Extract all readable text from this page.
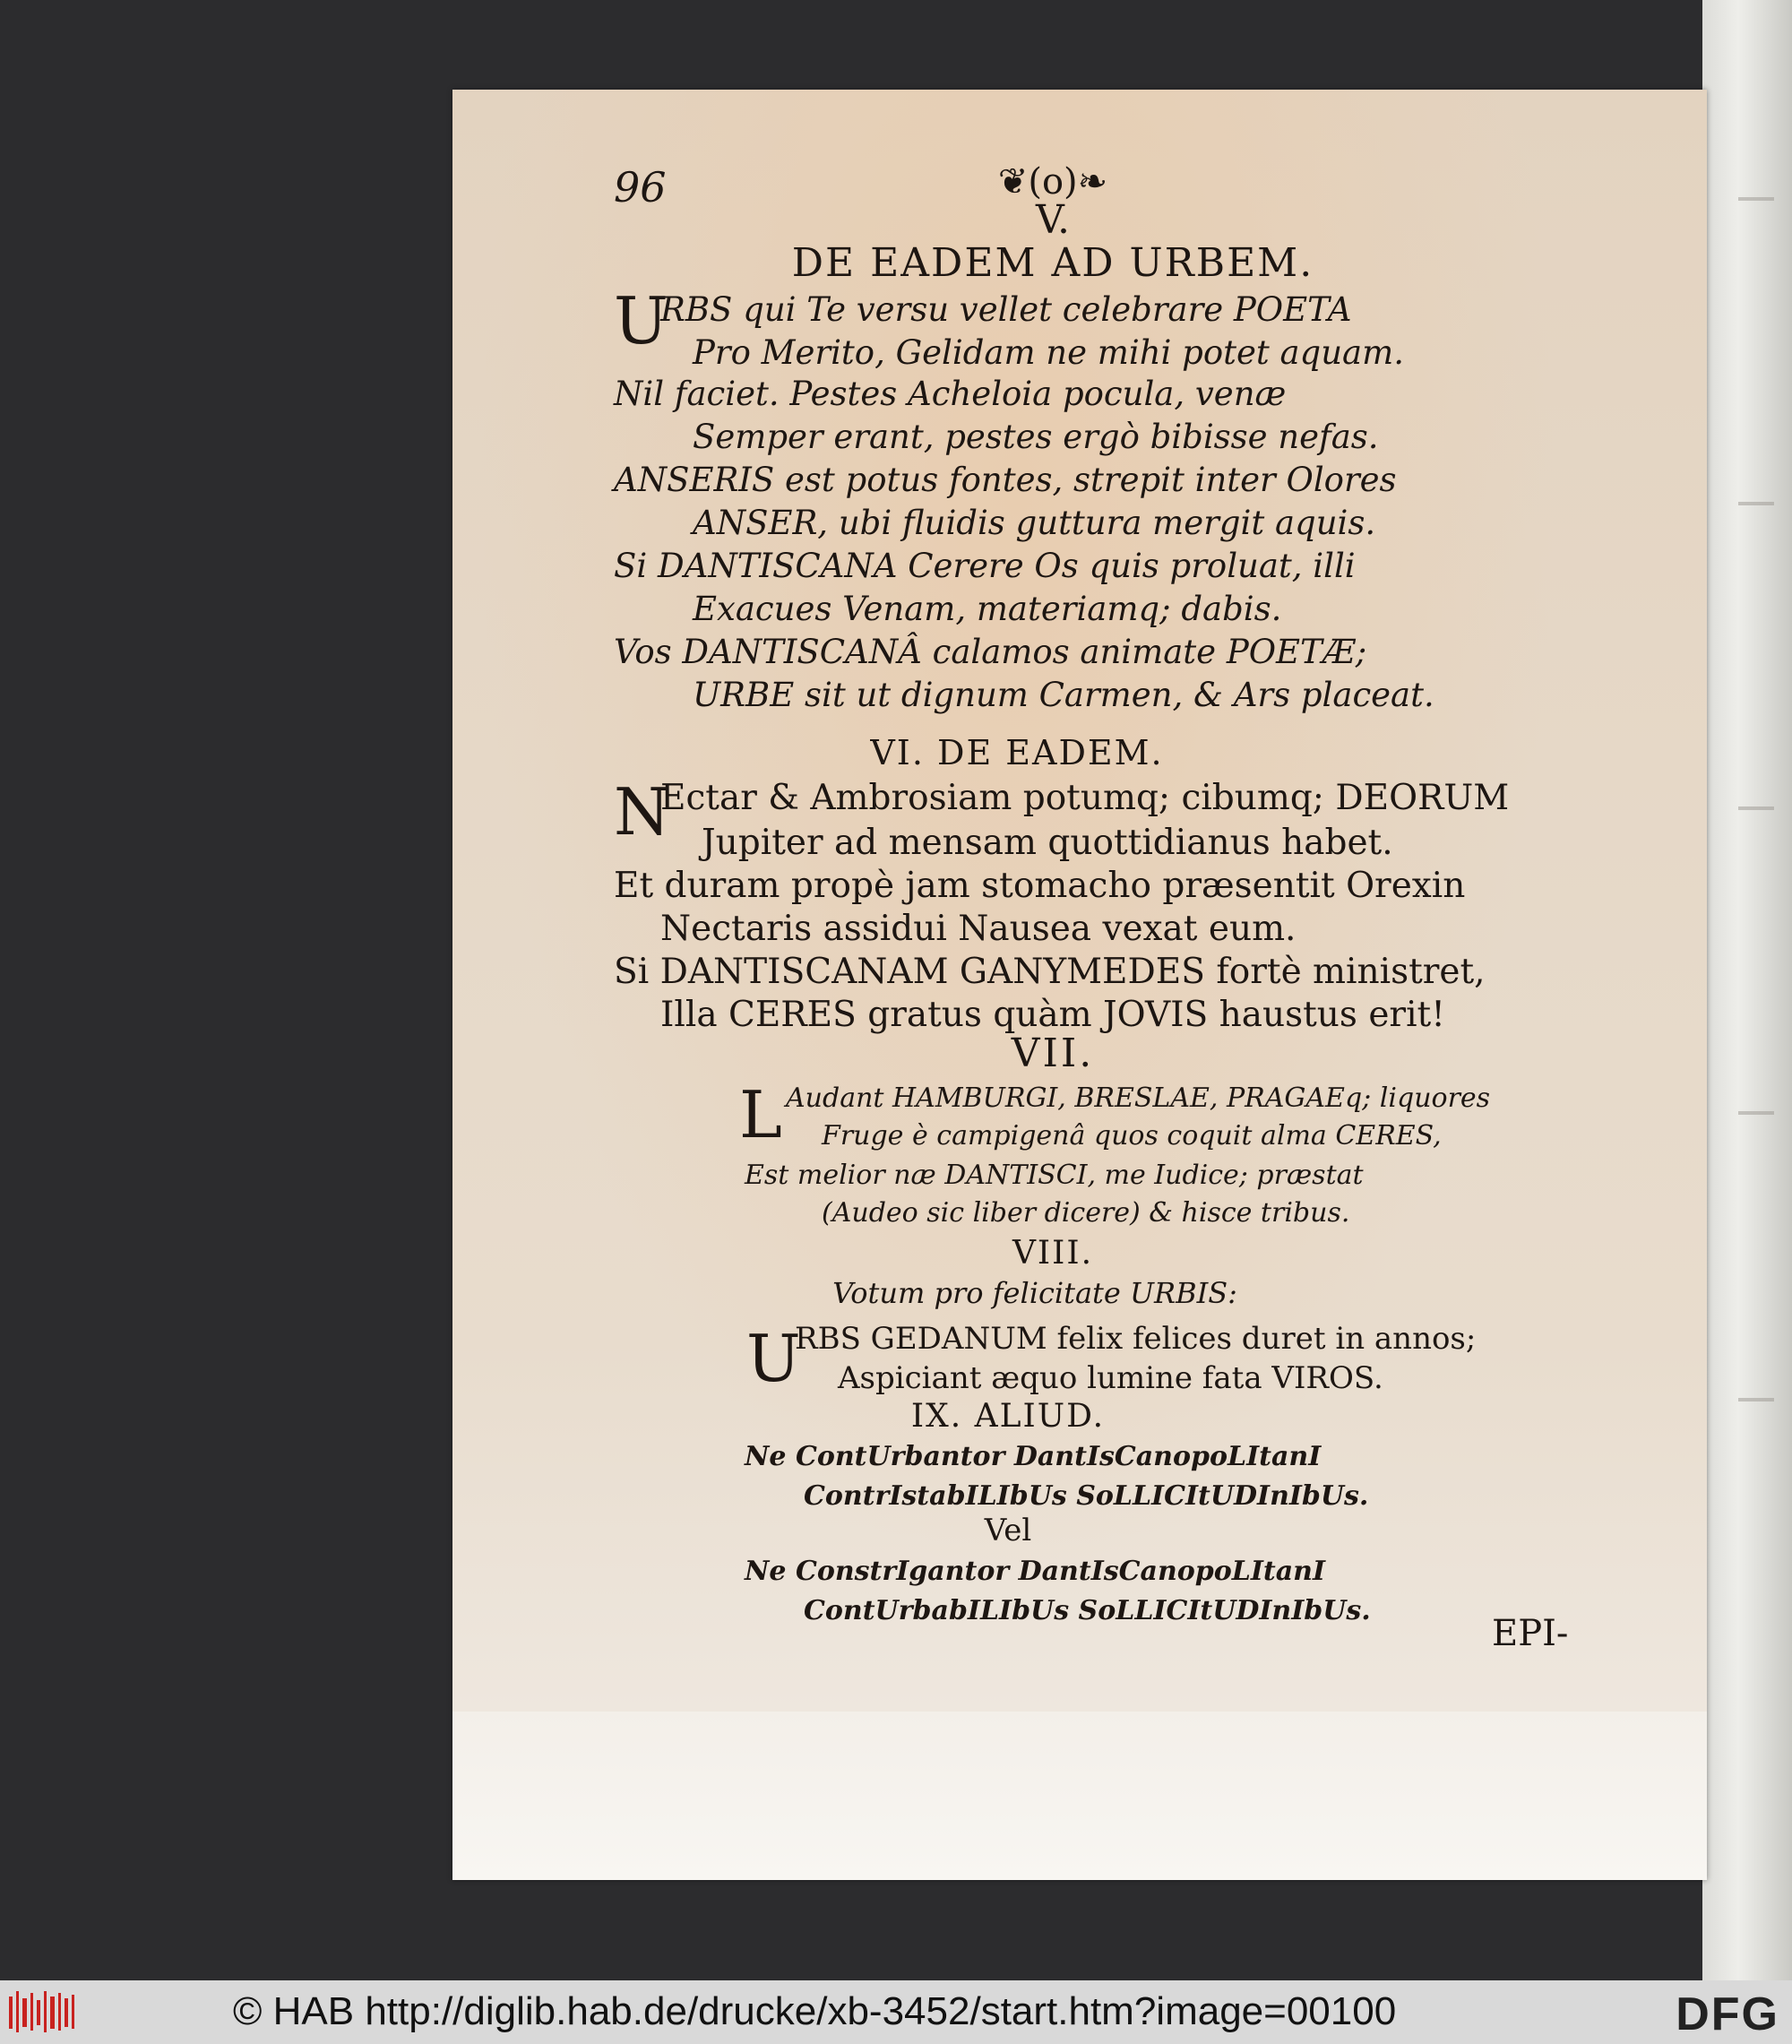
96	❦(o)❧
V.
DE EADEM AD URBEM.
U
RBS qui Te versu vellet celebrare POETA
Pro Merito, Gelidam ne mihi potet aquam.
Nil faciet. Pestes Acheloia pocula, venæ
Semper erant, pestes ergò bibisse nefas.
ANSERIS est potus fontes, strepit inter Olores
ANSER, ubi fluidis guttura mergit aquis.
Si DANTISCANA Cerere Os quis proluat, illi
Exacues Venam, materiamq; dabis.
Vos DANTISCANÂ calamos animate POETÆ;
URBE sit ut dignum Carmen, & Ars placeat.
VI. DE EADEM.
N
Ectar & Ambrosiam potumq; cibumq; DEORUM
Jupiter ad mensam quottidianus habet.
Et duram propè jam stomacho præsentit Orexin
Nectaris assidui Nausea vexat eum.
Si DANTISCANAM GANYMEDES fortè ministret,
Illa CERES gratus quàm JOVIS haustus erit!
VII.
L Audant HAMBURGI, BRESLAE, PRAGAEq; liquores
Fruge è campigenâ quos coquit alma CERES,
Est melior næ DANTISCI, me Iudice; præstat
(Audeo sic liber dicere) & hisce tribus.
VIII.
Votum pro felicitate URBIS:
U
RBS GEDANUM felix felices duret in annos;
Aspiciant æquo lumine fata VIROS.
IX. ALIUD.
Ne ContUrbantor DantIsCanopoLItanI
ContrIstabILIbUs SoLLICItUDInIbUs.
Vel
Ne ConstrIgantor DantIsCanopoLItanI
ContUrbabILIbUs SoLLICItUDInIbUs.
EPI-
© HAB http://diglib.hab.de/drucke/xb-3452/start.htm?image=00100	DFG
